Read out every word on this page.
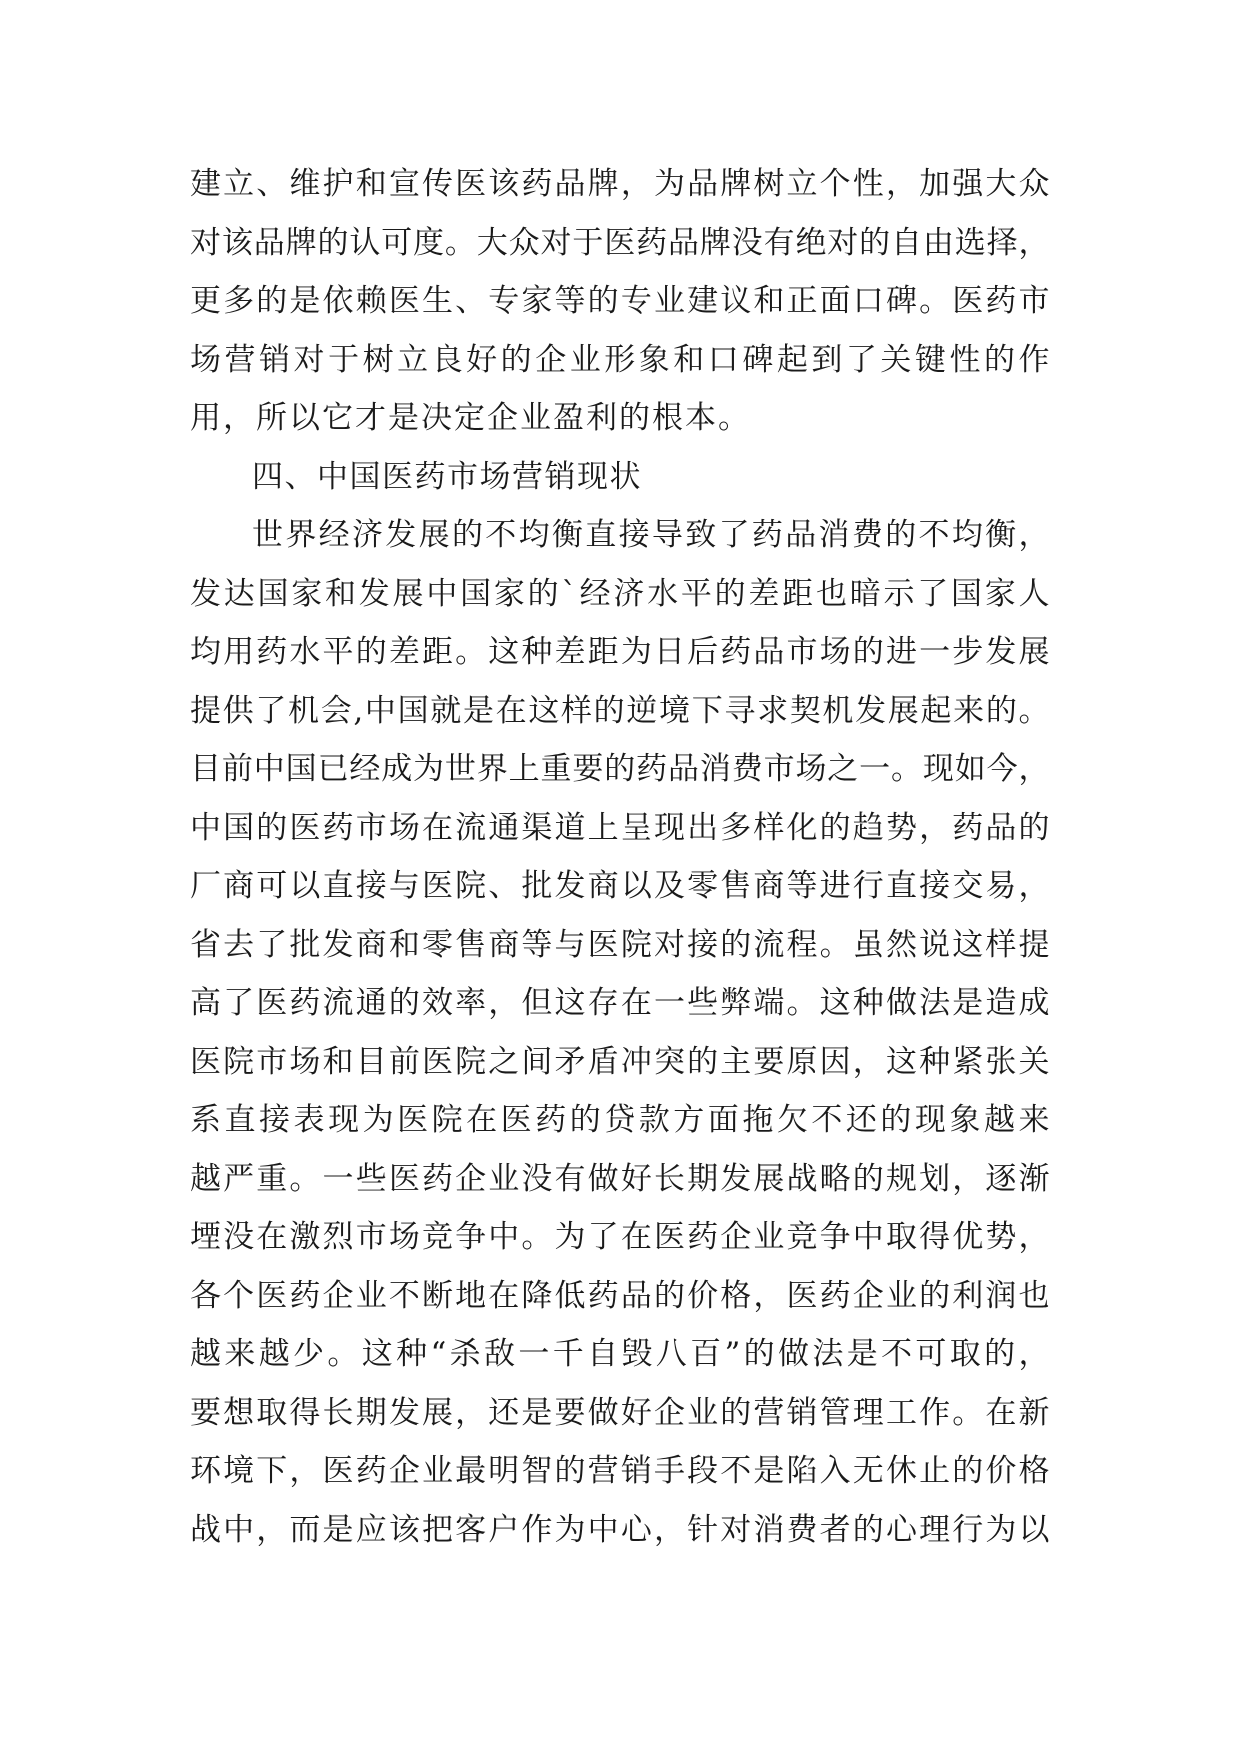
建立、维护和宣传医该药品牌，为品牌树立个性，加强大众
对该品牌的认可度。大众对于医药品牌没有绝对的自由选择，
更多的是依赖医生、专家等的专业建议和正面口碑。医药市
场营销对于树立良好的企业形象和口碑起到了关键性的作
用，所以它才是决定企业盈利的根本。
四、中国医药市场营销现状
世界经济发展的不均衡直接导致了药品消费的不均衡，
发达国家和发展中国家的`经济水平的差距也暗示了国家人
均用药水平的差距。这种差距为日后药品市场的进一步发展
提供了机会,中国就是在这样的逆境下寻求契机发展起来的。
目前中国已经成为世界上重要的药品消费市场之一。现如今，
中国的医药市场在流通渠道上呈现出多样化的趋势，药品的
厂商可以直接与医院、批发商以及零售商等进行直接交易，
省去了批发商和零售商等与医院对接的流程。虽然说这样提
高了医药流通的效率，但这存在一些弊端。这种做法是造成
医院市场和目前医院之间矛盾冲突的主要原因，这种紧张关
系直接表现为医院在医药的贷款方面拖欠不还的现象越来
越严重。一些医药企业没有做好长期发展战略的规划，逐渐
堙没在激烈市场竞争中。为了在医药企业竞争中取得优势，
各个医药企业不断地在降低药品的价格，医药企业的利润也
越来越少。这种“杀敌一千自毁八百”的做法是不可取的，
要想取得长期发展，还是要做好企业的营销管理工作。在新
环境下，医药企业最明智的营销手段不是陷入无休止的价格
战中，而是应该把客户作为中心，针对消费者的心理行为以
